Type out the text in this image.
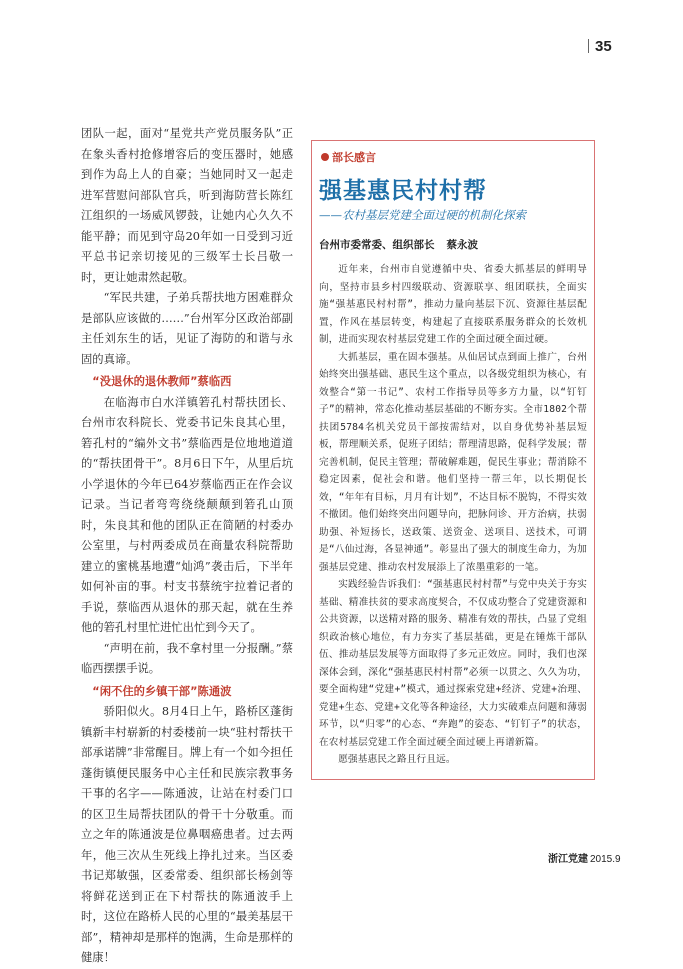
35

团队一起，面对“星党共产党员服务队”正在象头香村抢修增容后的变压器时，她感到作为岛上人的自豪；当她同时又一起走进军营慰问部队官兵，听到海防营长陈红江组织的一场威风锣鼓，让她内心久久不能平静；而见到守岛20年如一日受到习近平总书记亲切接见的三级军士长吕敬一时，更让她肃然起敬。

“军民共建，子弟兵帮扶地方困难群众是部队应该做的……”台州军分区政治部副主任刘东生的话，见证了海防的和谐与永固的真谛。

“没退休的退休教师”蔡临西

在临海市白水洋镇箬孔村帮扶团长、台州市农科院长、党委书记朱良其心里，箬孔村的“编外文书”蔡临西是位地地道道的“帮扶团骨干”。8月6日下午，从里后坑小学退休的今年已64岁蔡临西正在作会议记录。当记者弯弯绕绕颠颠到箬孔山顶时，朱良其和他的团队正在简陋的村委办公室里，与村两委成员在商量农科院帮助建立的蜜桃基地遭“灿鸿”袭击后，下半年如何补亩的事。村支书蔡统宇拉着记者的手说，蔡临西从退休的那天起，就在生养他的箬孔村里忙进忙出忙到今天了。

“声明在前，我不拿村里一分报酬。”蔡临西摆摆手说。

“闲不住的乡镇干部”陈通波

骄阳似火。8月4日上午，路桥区蓬街镇新丰村崭新的村委楼前一块“驻村帮扶干部承诺牌”非常醒目。牌上有一个如今担任蓬街镇便民服务中心主任和民族宗教事务干事的名字——陈通波，让站在村委门口的区卫生局帮扶团队的骨干十分敬重。而立之年的陈通波是位鼻咽癌患者。过去两年，他三次从生死线上挣扎过来。当区委书记郑敏强，区委常委、组织部长杨剑等将鲜花送到正在下村帮扶的陈通波手上时，这位在路桥人民的心里的“最美基层干部”，精神却是那样的饱满，生命是那样的健康！

部长感言
强基惠民村村帮
——农村基层党建全面过硬的机制化探索
台州市委常委、组织部长 蔡永波

近年来，台州市自觉遵循中央、省委大抓基层的鲜明导向，坚持市县乡村四级联动、资源联享、组团联扶，全面实施“强基惠民村村帮”，推动力量向基层下沉、资源往基层配置，作风在基层转变，构建起了直接联系服务群众的长效机制，进而实现农村基层党建工作的全面过硬全面过硬。

大抓基层，重在固本强基。从仙居试点到面上推广，台州始终突出强基础、惠民生这个重点，以各级党组织为核心，有效整合“第一书记”、农村工作指导员等多方力量，以“钉钉子”的精神，常态化推动基层基础的不断夯实。全市1802个帮扶团5784名机关党员干部按需结对，以自身优势补基层短板，帮理顺关系，促班子团结；帮理清思路，促科学发展；帮完善机制，促民主管理；帮破解难题，促民生事业；帮消除不稳定因素，促社会和谐。他们坚持一帮三年，以长期促长效，“年年有目标，月月有计划”，不达目标不脱钩，不得实效不撤团。他们始终突出问题导向，把脉问诊、开方治病，扶弱助强、补短扬长，送政策、送资金、送项目、送技术，可谓是“八仙过海，各显神通”。彰显出了强大的制度生命力，为加强基层党建、推动农村发展添上了浓墨重彩的一笔。

实践经验告诉我们：“强基惠民村村帮”与党中央关于夯实基础、精准扶贫的要求高度契合，不仅成功整合了党建资源和公共资源，以送精对路的服务、精准有效的帮扶，凸显了党组织政治核心地位，有力夯实了基层基础，更是在锤炼干部队伍、推动基层发展等方面取得了多元正效应。同时，我们也深深体会到，深化“强基惠民村村帮”必须一以贯之、久久为功，要全面构建“党建+”模式，通过探索党建+经济、党建+治理、党建+生态、党建+文化等各种途径，大力实破难点问题和薄弱环节，以“归零”的心态、“奔跑”的姿态、“钉钉子”的状态，在农村基层党建工作全面过硬全面过硬上再谱新篇。

愿强基惠民之路且行且远。

浙江党建 2015.9
